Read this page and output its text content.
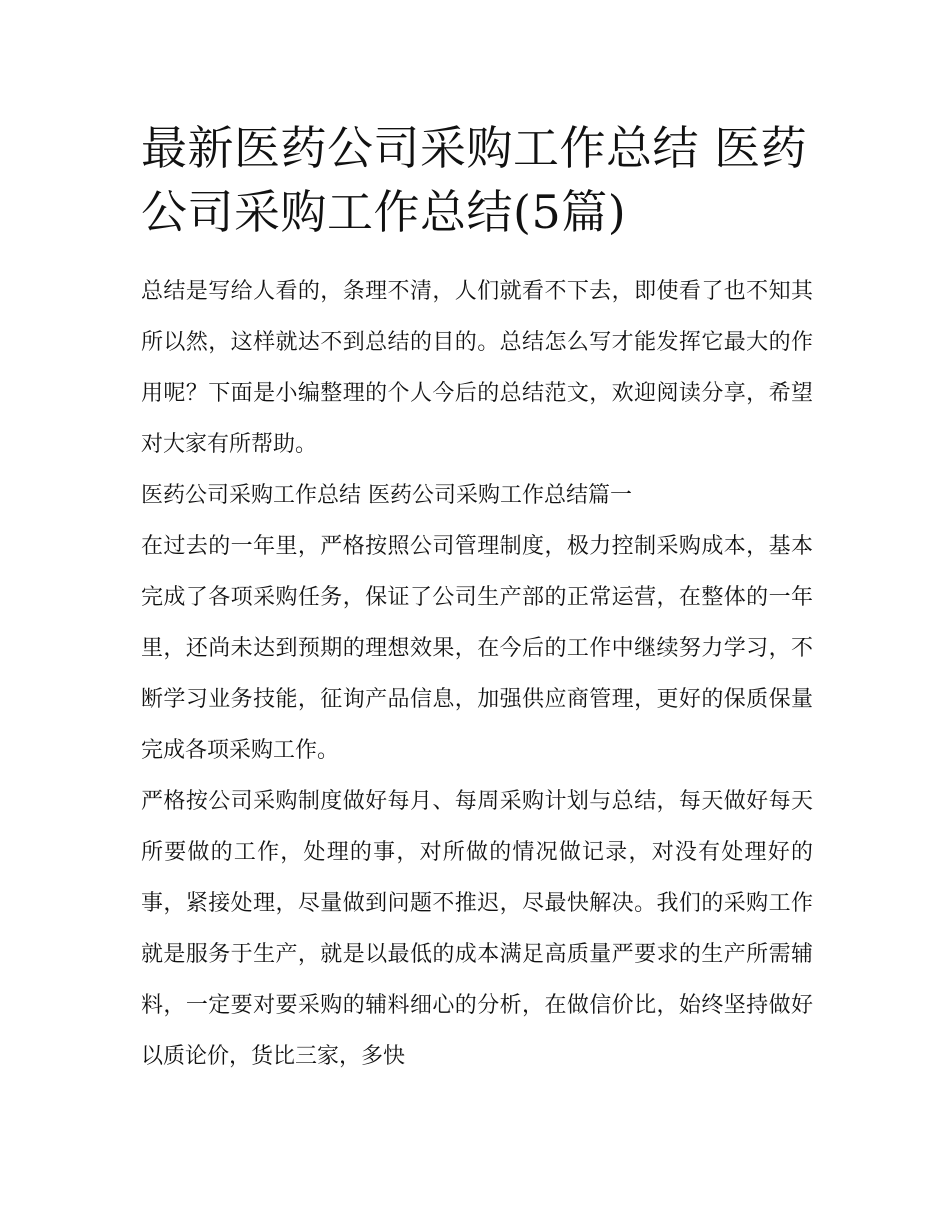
最新医药公司采购工作总结 医药公司采购工作总结(5篇)

总结是写给人看的，条理不清，人们就看不下去，即使看了也不知其所以然，这样就达不到总结的目的。总结怎么写才能发挥它最大的作用呢？下面是小编整理的个人今后的总结范文，欢迎阅读分享，希望对大家有所帮助。

医药公司采购工作总结 医药公司采购工作总结篇一

在过去的一年里，严格按照公司管理制度，极力控制采购成本，基本完成了各项采购任务，保证了公司生产部的正常运营，在整体的一年里，还尚未达到预期的理想效果，在今后的工作中继续努力学习，不断学习业务技能，征询产品信息，加强供应商管理，更好的保质保量完成各项采购工作。

严格按公司采购制度做好每月、每周采购计划与总结，每天做好每天所要做的工作，处理的事，对所做的情况做记录，对没有处理好的事，紧接处理，尽量做到问题不推迟，尽最快解决。我们的采购工作就是服务于生产，就是以最低的成本满足高质量严要求的生产所需辅料，一定要对要采购的辅料细心的分析，在做信价比，始终坚持做好以质论价，货比三家，多快
